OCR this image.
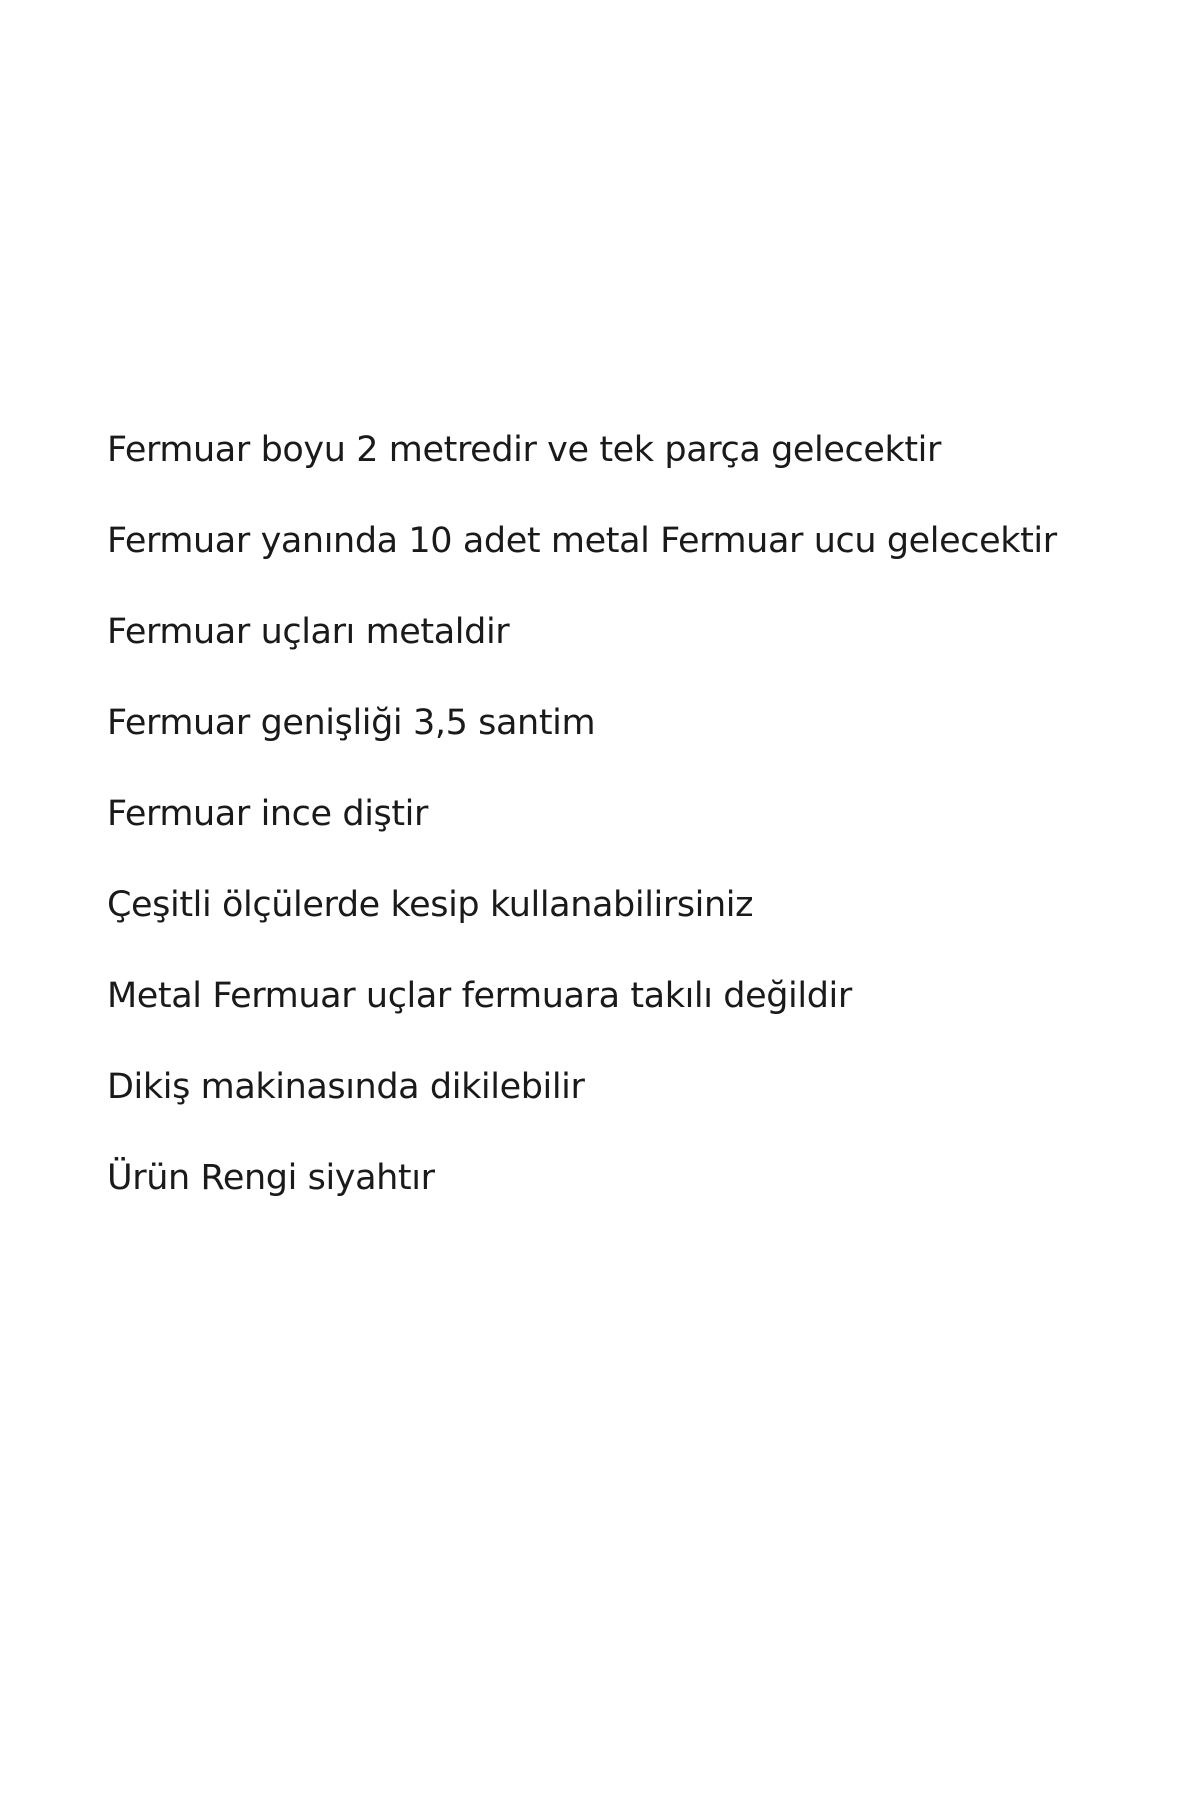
Fermuar boyu 2 metredir ve tek parça gelecektir
Fermuar yanında 10 adet metal Fermuar ucu gelecektir
Fermuar uçları metaldir
Fermuar genişliği 3,5 santim
Fermuar ince diştir
Çeşitli ölçülerde kesip kullanabilirsiniz
Metal Fermuar uçlar fermuara takılı değildir
Dikiş makinasında dikilebilir
Ürün Rengi siyahtır
